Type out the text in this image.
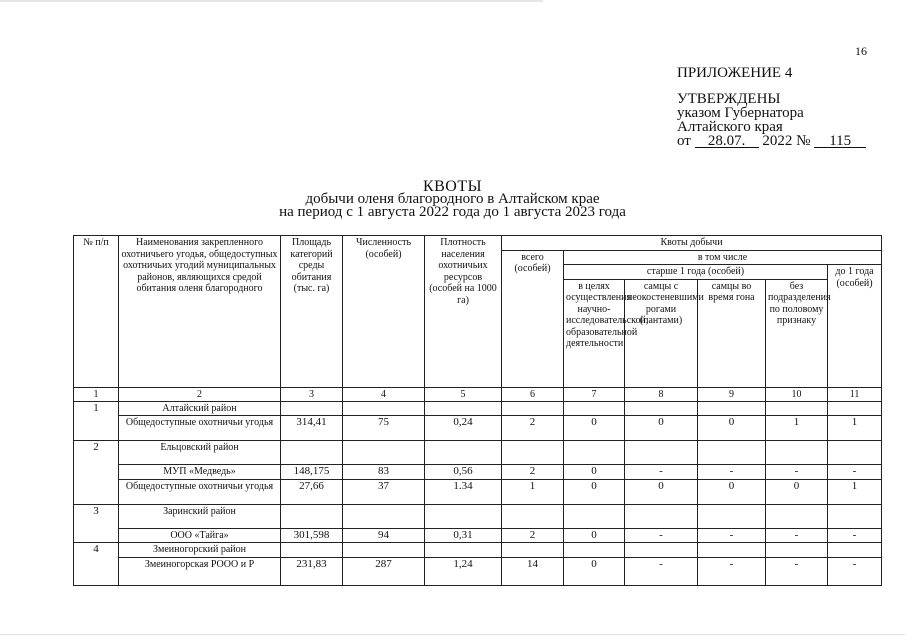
16
ПРИЛОЖЕНИЕ 4
УТВЕРЖДЕНЫ
указом Губернатора
Алтайского края
от 28.07. 2022 № 115
КВОТЫ
добычи оленя благородного в Алтайском крае
на период с 1 августа 2022 года до 1 августа 2023 года
№ п/п	Наименования закрепленного охотничьего угодья, общедоступных охотничьих угодий муниципальных районов, являющихся средой обитания оленя благородного	Площадь категорий среды обитания (тыс. га)	Численность (особей)	Плотность населения охотничьих ресурсов (особей на 1000 га)	Квоты добычи					
					всего (особей)	в том числе				
						старше 1 года (особей)				до 1 года (особей)
						в целях осуществления научно-исследовательской, образовательной деятельности	самцы с неокостеневшими рогами (пантами)	самцы во время гона	без подразделения по половому признаку	
1	2	3	4	5	6	7	8	9	10	11
1	Алтайский район									
	Общедоступные охотничьи угодья	314,41	75	0,24	2	0	0	0	1	1
2	Ельцовский район									
	МУП «Медведь»	148,175	83	0,56	2	0	-	-	-	-
	Общедоступные охотничьи угодья	27,66	37	1.34	1	0	0	0	0	1
3	Заринский район									
	ООО «Тайга»	301,598	94	0,31	2	0	-	-	-	-
4	Змеиногорский район									
	Змеиногорская РООО и Р	231,83	287	1,24	14	0	-	-	-	-
